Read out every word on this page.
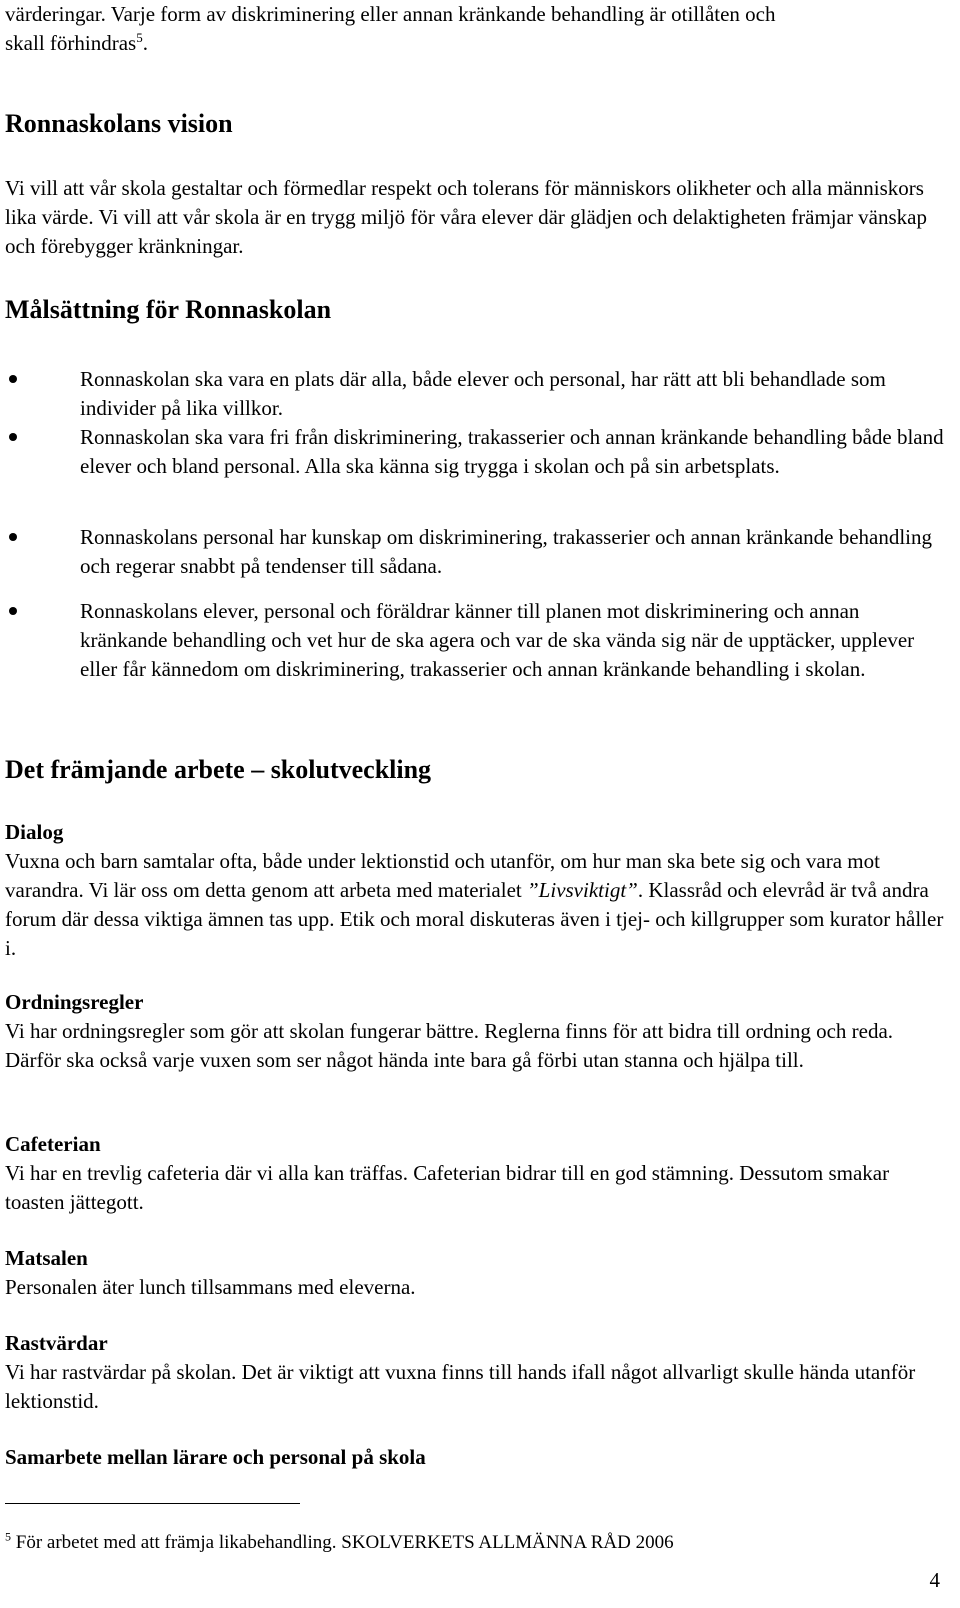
värderingar. Varje form av diskriminering eller annan kränkande behandling är otillåten och
skall förhindras$^5$.

Ronnaskolans vision

Vi vill att vår skola gestaltar och förmedlar respekt och tolerans för människors olikheter och alla människors lika värde. Vi vill att vår skola är en trygg miljö för våra elever där glädjen och delaktigheten främjar vänskap och förebygger kränkningar.

Målsättning för Ronnaskolan
Ronnaskolan ska vara en plats där alla, både elever och personal, har rätt att bli behandlade som individer på lika villkor.
Ronnaskolan ska vara fri från diskriminering, trakasserier och annan kränkande behandling både bland elever och bland personal. Alla ska känna sig trygga i skolan och på sin arbetsplats.
Ronnaskolans personal har kunskap om diskriminering, trakasserier och annan kränkande behandling och regerar snabbt på tendenser till sådana.
Ronnaskolans elever, personal och föräldrar känner till planen mot diskriminering och annan kränkande behandling och vet hur de ska agera och var de ska vända sig när de upptäcker, upplever eller får kännedom om diskriminering, trakasserier och annan kränkande behandling i skolan.
Det främjande arbete – skolutveckling
Dialog

Vuxna och barn samtalar ofta, både under lektionstid och utanför, om hur man ska bete sig och vara mot varandra. Vi lär oss om detta genom att arbeta med materialet ”Livsviktigt”. Klassråd och elevråd är två andra forum där dessa viktiga ämnen tas upp. Etik och moral diskuteras även i tjej- och killgrupper som kurator håller i.

Ordningsregler

Vi har ordningsregler som gör att skolan fungerar bättre. Reglerna finns för att bidra till ordning och reda. Därför ska också varje vuxen som ser något hända inte bara gå förbi utan stanna och hjälpa till.

Cafeterian

Vi har en trevlig cafeteria där vi alla kan träffas. Cafeterian bidrar till en god stämning. Dessutom smakar toasten jättegott.

Matsalen

Personalen äter lunch tillsammans med eleverna.

Rastvärdar

Vi har rastvärdar på skolan. Det är viktigt att vuxna finns till hands ifall något allvarligt skulle hända utanför lektionstid.

Samarbete mellan lärare och personal på skola

$^5$ För arbetet med att främja likabehandling. SKOLVERKETS ALLMÄNNA RÅD 2006

4
